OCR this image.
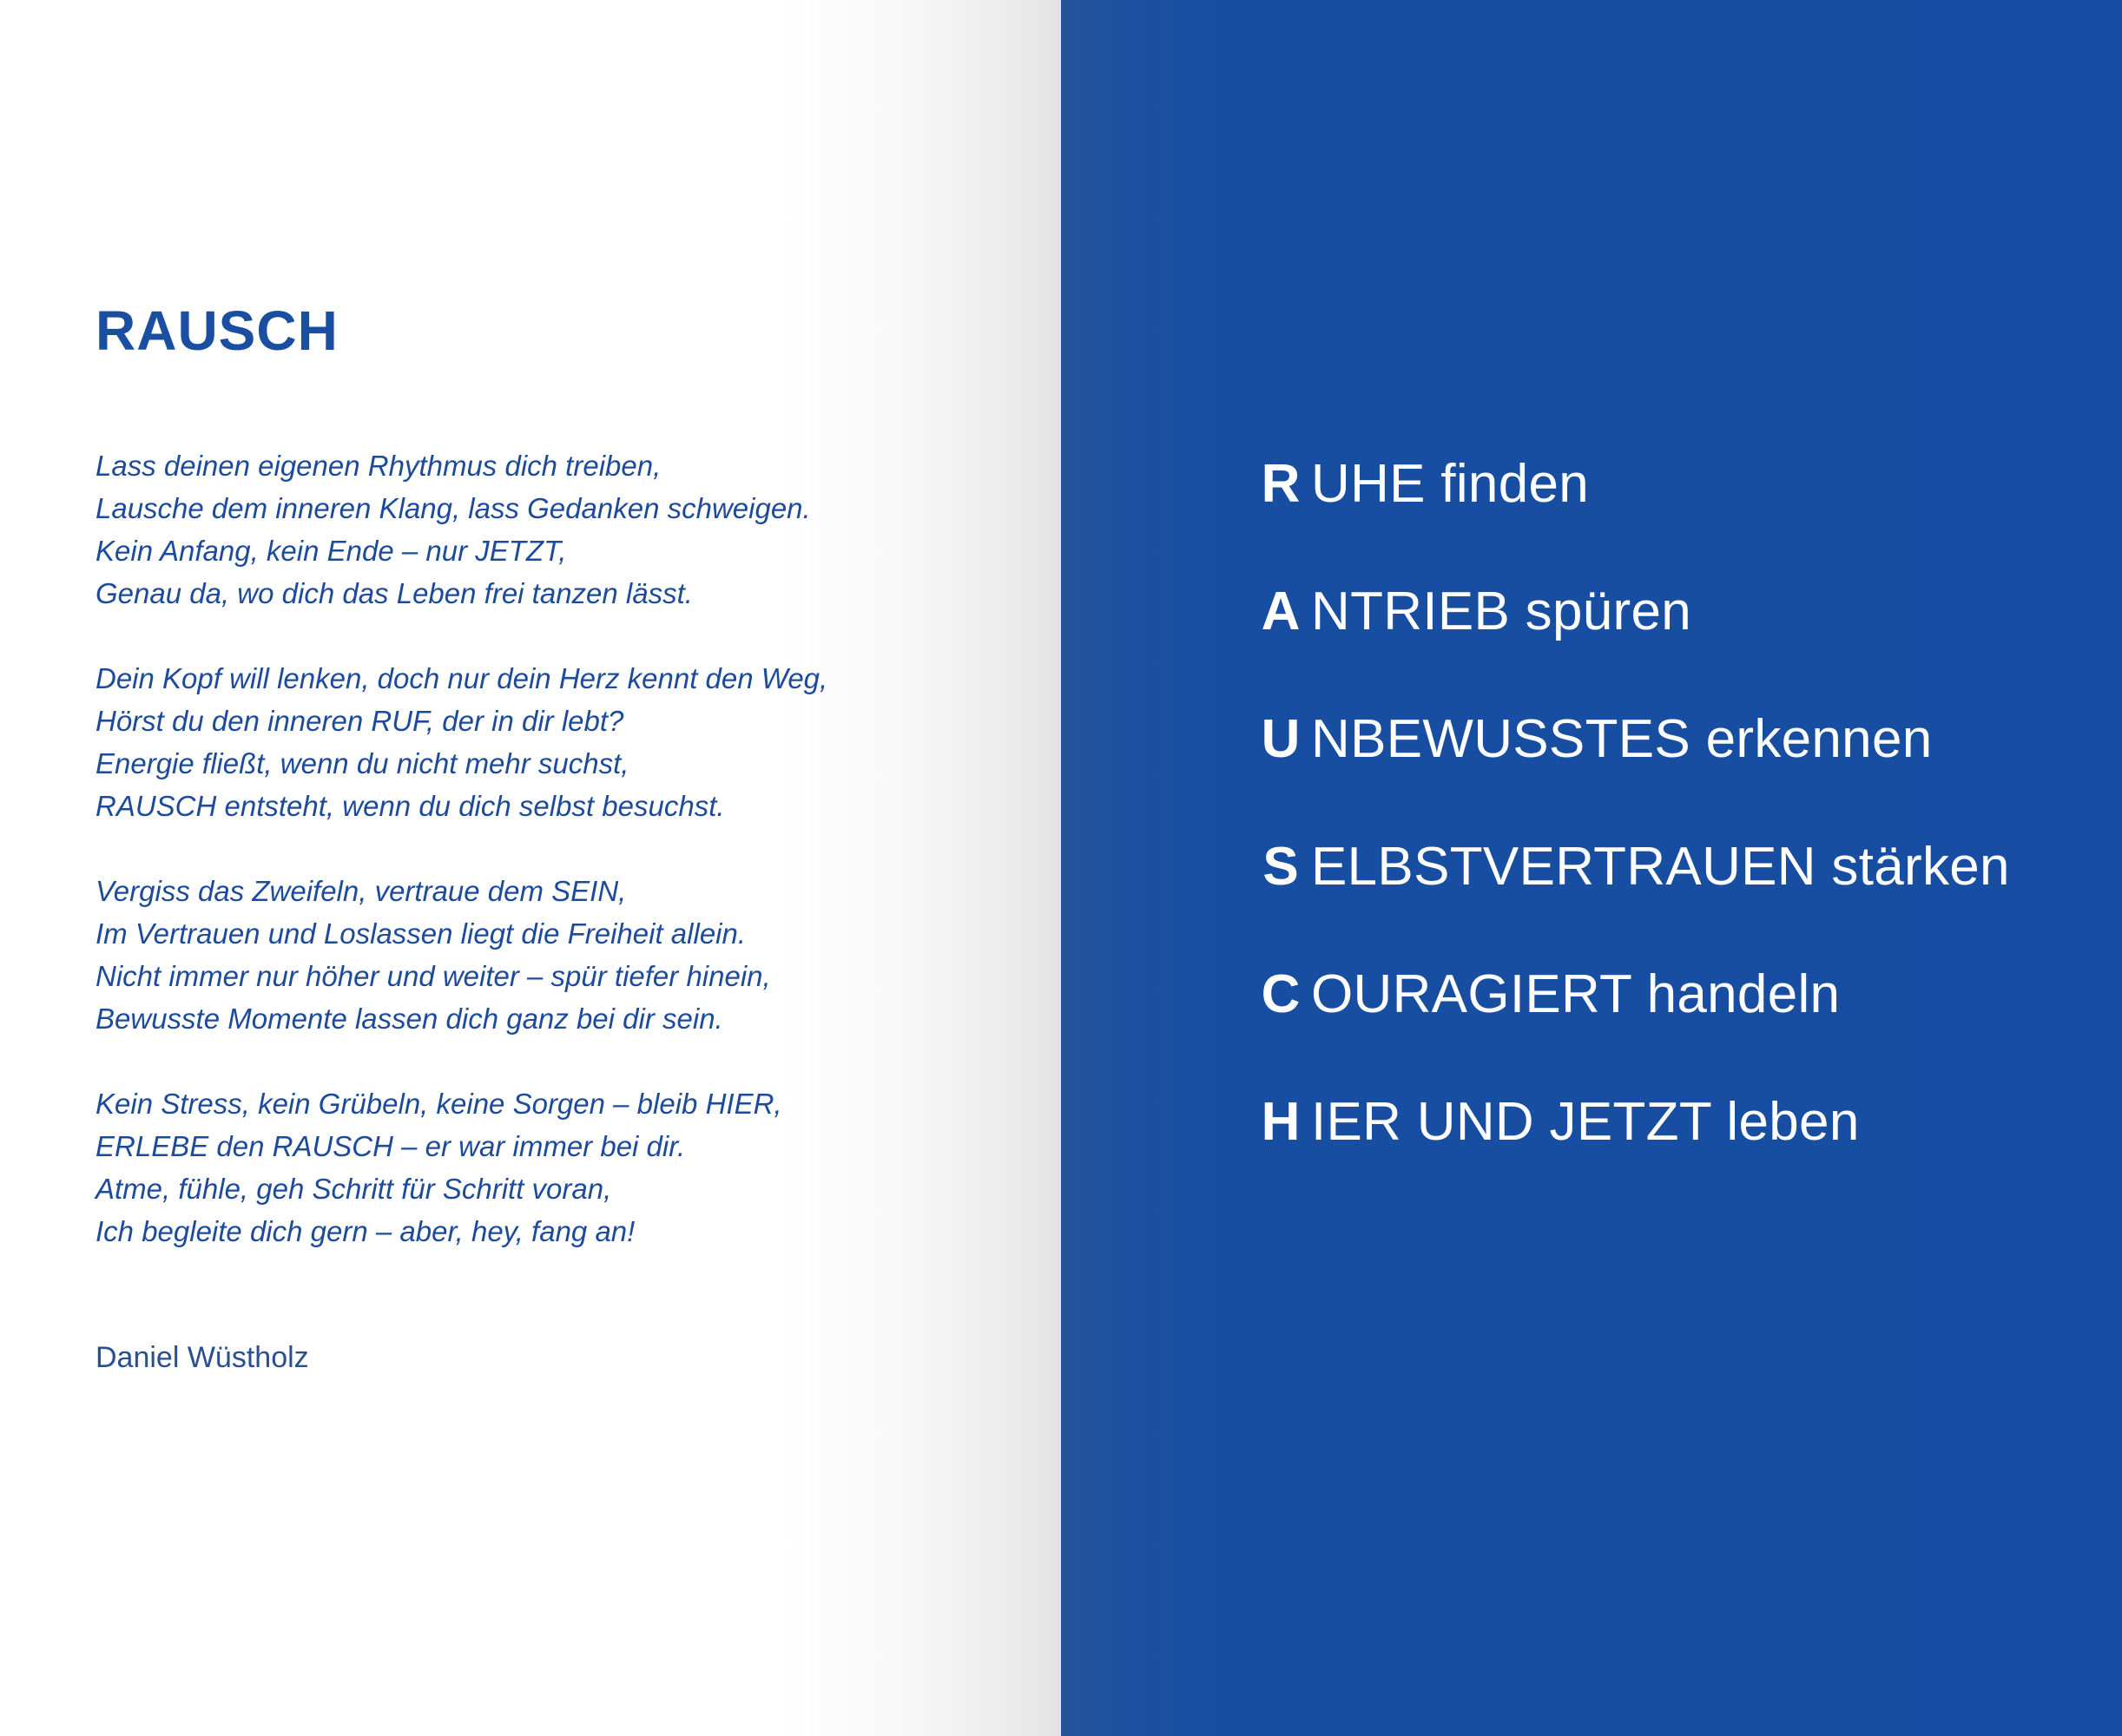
RAUSCH
Lass deinen eigenen Rhythmus dich treiben,
Lausche dem inneren Klang, lass Gedanken schweigen.
Kein Anfang, kein Ende – nur JETZT,
Genau da, wo dich das Leben frei tanzen lässt.
Dein Kopf will lenken, doch nur dein Herz kennt den Weg,
Hörst du den inneren RUF, der in dir lebt?
Energie fließt, wenn du nicht mehr suchst,
RAUSCH entsteht, wenn du dich selbst besuchst.
Vergiss das Zweifeln, vertraue dem SEIN,
Im Vertrauen und Loslassen liegt die Freiheit allein.
Nicht immer nur höher und weiter – spür tiefer hinein,
Bewusste Momente lassen dich ganz bei dir sein.
Kein Stress, kein Grübeln, keine Sorgen – bleib HIER,
ERLEBE den RAUSCH – er war immer bei dir.
Atme, fühle, geh Schritt für Schritt voran,
Ich begleite dich gern – aber, hey, fang an!
Daniel Wüstholz
R UHE finden
A NTRIEB spüren
U NBEWUSSTES erkennen
S ELBSTVERTRAUEN stärken
C OURAGIERT handeln
H IER UND JETZT leben
